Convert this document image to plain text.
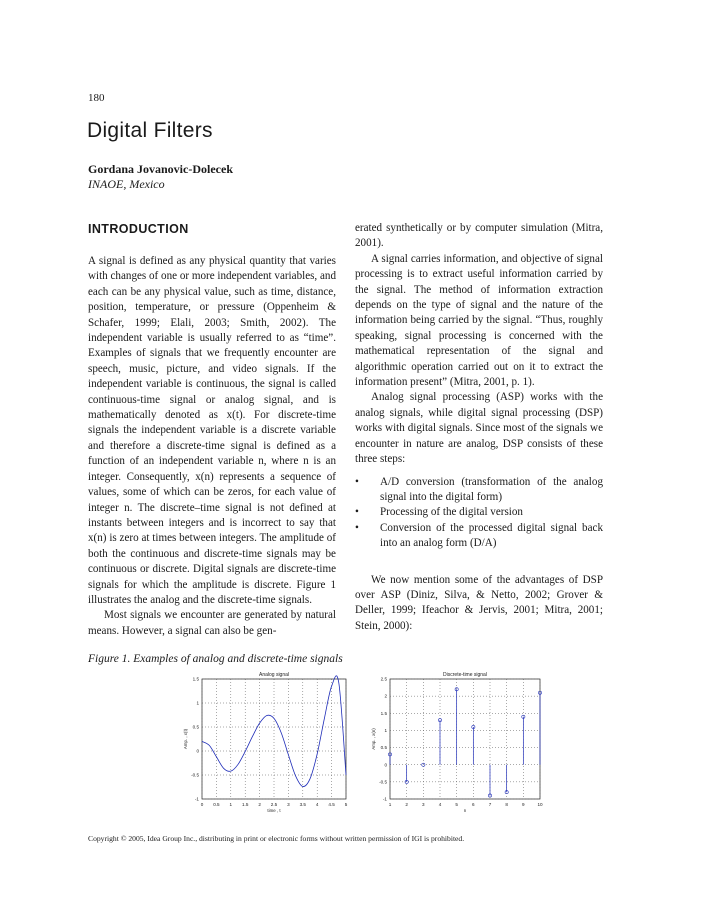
180
Digital Filters
Gordana Jovanovic-Dolecek
INAOE, Mexico
INTRODUCTION

A signal is defined as any physical quantity that varies with changes of one or more independent variables, and each can be any physical value, such as time, distance, position, temperature, or pressure (Oppenheim & Schafer, 1999; Elali, 2003; Smith, 2002). The independent variable is usually referred to as “time”. Examples of signals that we frequently encounter are speech, music, picture, and video signals. If the independent variable is continuous, the signal is called continuous-time signal or analog signal, and is mathematically denoted as x(t). For discrete-time signals the independent variable is a discrete variable and therefore a discrete-time signal is defined as a function of an independent variable n, where n is an integer. Consequently, x(n) represents a sequence of values, some of which can be zeros, for each value of integer n. The discrete–time signal is not defined at instants between integers and is incorrect to say that x(n) is zero at times between integers. The amplitude of both the continuous and discrete-time signals may be continuous or discrete. Digital signals are discrete-time signals for which the amplitude is discrete. Figure 1 illustrates the analog and the discrete-time signals.

Most signals we encounter are generated by natural means. However, a signal can also be gen-

erated synthetically or by computer simulation (Mitra, 2001).

A signal carries information, and objective of signal processing is to extract useful information carried by the signal. The method of information extraction depends on the type of signal and the nature of the information being carried by the signal. “Thus, roughly speaking, signal processing is concerned with the mathematical representation of the signal and algorithmic operation carried out on it to extract the information present” (Mitra, 2001, p. 1).

Analog signal processing (ASP) works with the analog signals, while digital signal processing (DSP) works with digital signals. Since most of the signals we encounter in nature are analog, DSP consists of these three steps:

• A/D conversion (transformation of the analog signal into the digital form)
• Processing of the digital version
• Conversion of the processed digital signal back into an analog form (D/A)

We now mention some of the advantages of DSP over ASP (Diniz, Silva, & Netto, 2002; Grover & Deller, 1999; Ifeachor & Jervis, 2001; Mitra, 2001; Stein, 2000):

Figure 1. Examples of analog and discrete-time signals
0 0.5 1 1.5 2 2.5 3 3.5 4 4.5 5
-1
-0.5
0
0.5
1
1.5
Analog signal
time , t
Amp. , x(t)
1	2	3	4	5	6	7	8	9	10
-1
-0.5
0
0.5
1
1.5
2
2.5
Discrete-time signal
n
Amp. , x(n)
Copyright © 2005, Idea Group Inc., distributing in print or electronic forms without written permission of IGI is prohibited.
